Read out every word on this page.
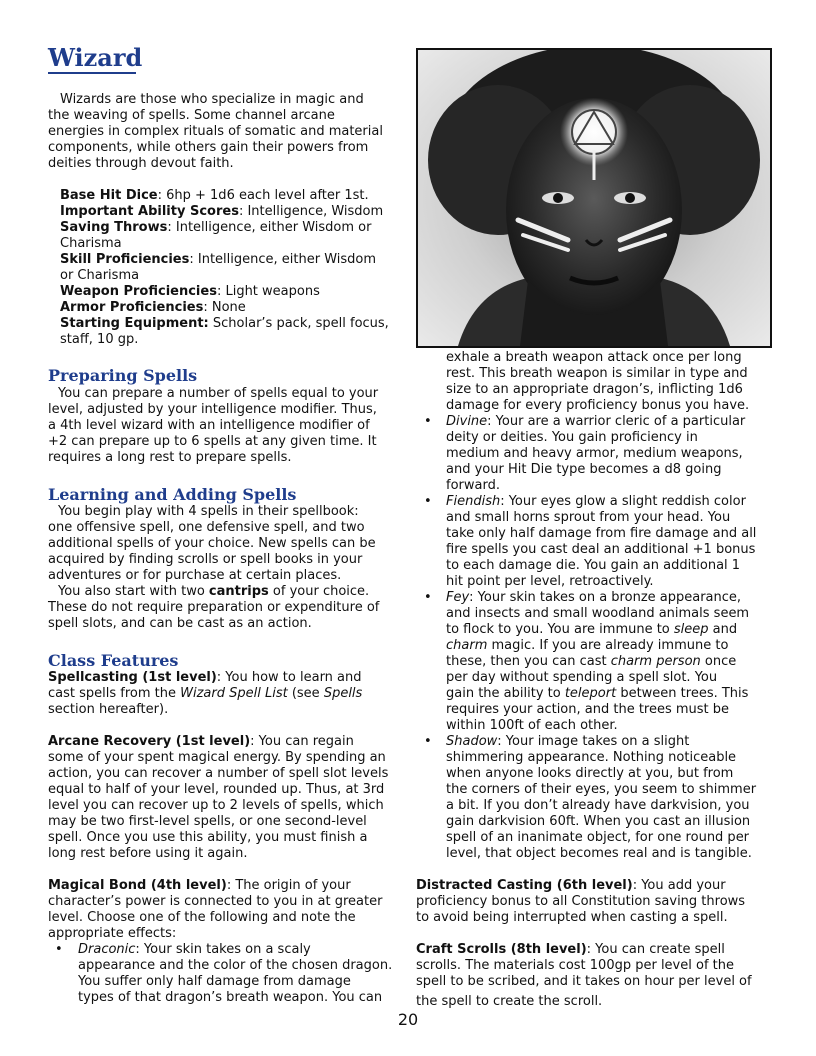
Wizard
Wizards are those who specialize in magic and
the weaving of spells. Some channel arcane
energies in complex rituals of somatic and material
components, while others gain their powers from
deities through devout faith.
Base Hit Dice: 6hp + 1d6 each level after 1st.
Important Ability Scores: Intelligence, Wisdom
Saving Throws: Intelligence, either Wisdom or
Charisma
Skill Proficiencies: Intelligence, either Wisdom
or Charisma
Weapon Proficiencies: Light weapons
Armor Proficiencies: None
Starting Equipment: Scholar’s pack, spell focus,
staff, 10 gp.
Preparing Spells
You can prepare a number of spells equal to your
level, adjusted by your intelligence modifier. Thus,
a 4th level wizard with an intelligence modifier of
+2 can prepare up to 6 spells at any given time. It
requires a long rest to prepare spells.
Learning and Adding Spells
You begin play with 4 spells in their spellbook:
one offensive spell, one defensive spell, and two
additional spells of your choice. New spells can be
acquired by finding scrolls or spell books in your
adventures or for purchase at certain places.
You also start with two cantrips of your choice.
These do not require preparation or expenditure of
spell slots, and can be cast as an action.
Class Features
Spellcasting (1st level): You how to learn and
cast spells from the Wizard Spell List (see Spells
section hereafter).
Arcane Recovery (1st level): You can regain
some of your spent magical energy. By spending an
action, you can recover a number of spell slot levels
equal to half of your level, rounded up. Thus, at 3rd
level you can recover up to 2 levels of spells, which
may be two first-level spells, or one second-level
spell. Once you use this ability, you must finish a
long rest before using it again.
Magical Bond (4th level): The origin of your
character’s power is connected to you in at greater
level. Choose one of the following and note the
appropriate effects:
• Draconic: Your skin takes on a scaly
appearance and the color of the chosen dragon.
You suffer only half damage from damage
types of that dragon’s breath weapon. You can
exhale a breath weapon attack once per long
rest. This breath weapon is similar in type and
size to an appropriate dragon’s, inflicting 1d6
damage for every proficiency bonus you have.
• Divine: Your are a warrior cleric of a particular
deity or deities. You gain proficiency in
medium and heavy armor, medium weapons,
and your Hit Die type becomes a d8 going
forward.
• Fiendish: Your eyes glow a slight reddish color
and small horns sprout from your head. You
take only half damage from fire damage and all
fire spells you cast deal an additional +1 bonus
to each damage die. You gain an additional 1
hit point per level, retroactively.
• Fey: Your skin takes on a bronze appearance,
and insects and small woodland animals seem
to flock to you. You are immune to sleep and
charm magic. If you are already immune to
these, then you can cast charm person once
per day without spending a spell slot. You
gain the ability to teleport between trees. This
requires your action, and the trees must be
within 100ft of each other.
• Shadow: Your image takes on a slight
shimmering appearance. Nothing noticeable
when anyone looks directly at you, but from
the corners of their eyes, you seem to shimmer
a bit. If you don’t already have darkvision, you
gain darkvision 60ft. When you cast an illusion
spell of an inanimate object, for one round per
level, that object becomes real and is tangible.
Distracted Casting (6th level): You add your
proficiency bonus to all Constitution saving throws
to avoid being interrupted when casting a spell.
Craft Scrolls (8th level): You can create spell
scrolls. The materials cost 100gp per level of the
spell to be scribed, and it takes on hour per level of
the spell to create the scroll.
20
